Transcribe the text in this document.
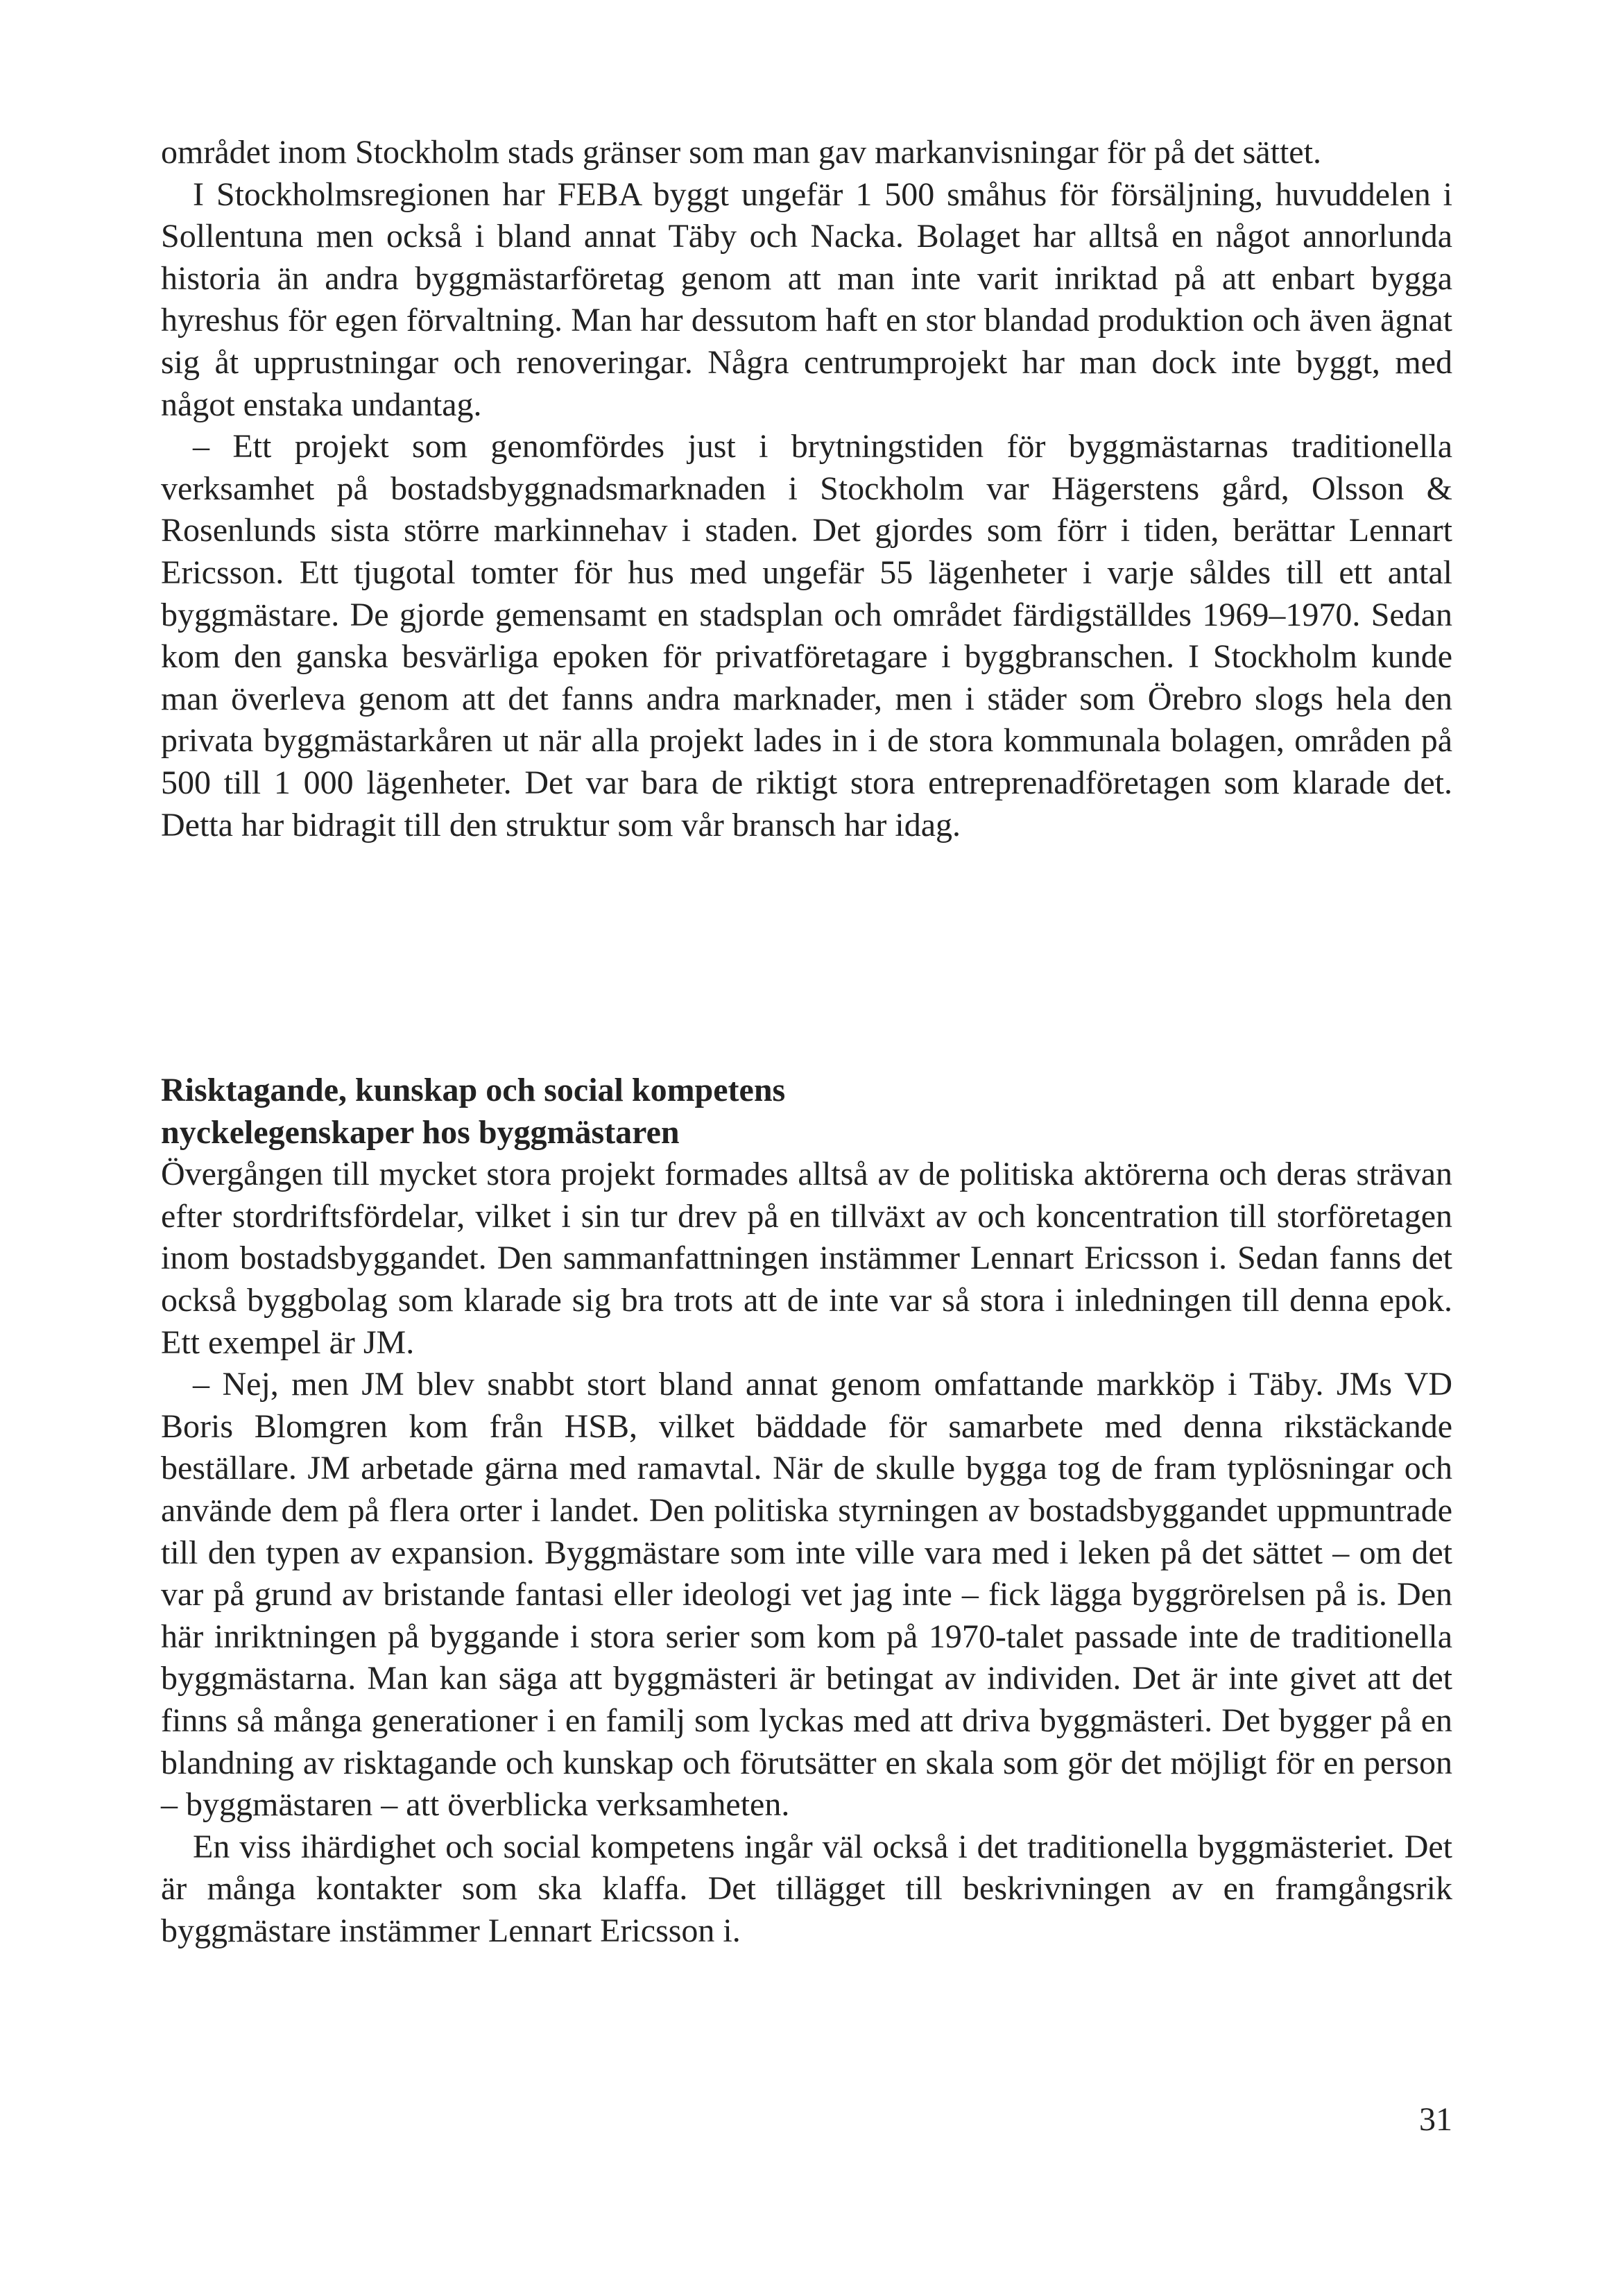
området inom Stockholm stads gränser som man gav markanvisningar för på det sättet.

I Stockholmsregionen har FEBA byggt ungefär 1 500 småhus för försäljning, huvuddelen i Sollentuna men också i bland annat Täby och Nacka. Bolaget har alltså en något annorlunda historia än andra byggmästarföretag genom att man inte varit inriktad på att enbart bygga hyreshus för egen förvaltning. Man har dessutom haft en stor blandad produktion och även ägnat sig åt upprustningar och renoveringar. Några centrumprojekt har man dock inte byggt, med något enstaka undantag.

– Ett projekt som genomfördes just i brytningstiden för byggmästarnas traditionella verksamhet på bostadsbyggnadsmarknaden i Stockholm var Hägerstens gård, Olsson & Rosenlunds sista större markinnehav i staden. Det gjordes som förr i tiden, berättar Lennart Ericsson. Ett tjugotal tomter för hus med ungefär 55 lägenheter i varje såldes till ett antal byggmästare. De gjorde gemensamt en stadsplan och området färdigställdes 1969–1970. Sedan kom den ganska besvärliga epoken för privatföretagare i byggbranschen. I Stockholm kunde man överleva genom att det fanns andra marknader, men i städer som Örebro slogs hela den privata byggmästarkåren ut när alla projekt lades in i de stora kommunala bolagen, områden på 500 till 1 000 lägenheter. Det var bara de riktigt stora entreprenadföretagen som klarade det. Detta har bidragit till den struktur som vår bransch har idag.

Risktagande, kunskap och social kompetens
nyckelegenskaper hos byggmästaren

Övergången till mycket stora projekt formades alltså av de politiska aktörerna och deras strävan efter stordriftsfördelar, vilket i sin tur drev på en tillväxt av och koncentration till storföretagen inom bostadsbyggandet. Den sammanfattningen instämmer Lennart Ericsson i. Sedan fanns det också byggbolag som klarade sig bra trots att de inte var så stora i inledningen till denna epok. Ett exempel är JM.

– Nej, men JM blev snabbt stort bland annat genom omfattande markköp i Täby. JMs VD Boris Blomgren kom från HSB, vilket bäddade för samarbete med denna rikstäckande beställare. JM arbetade gärna med ramavtal. När de skulle bygga tog de fram typlösningar och använde dem på flera orter i landet. Den politiska styrningen av bostadsbyggandet uppmuntrade till den typen av expansion. Byggmästare som inte ville vara med i leken på det sättet – om det var på grund av bristande fantasi eller ideologi vet jag inte – fick lägga byggrörelsen på is. Den här inriktningen på byggande i stora serier som kom på 1970-talet passade inte de traditionella byggmästarna. Man kan säga att byggmästeri är betingat av individen. Det är inte givet att det finns så många generationer i en familj som lyckas med att driva byggmästeri. Det bygger på en blandning av risktagande och kunskap och förutsätter en skala som gör det möjligt för en person – byggmästaren – att överblicka verksamheten.

En viss ihärdighet och social kompetens ingår väl också i det traditionella byggmästeriet. Det är många kontakter som ska klaffa. Det tillägget till beskrivningen av en framgångsrik byggmästare instämmer Lennart Ericsson i.

31
